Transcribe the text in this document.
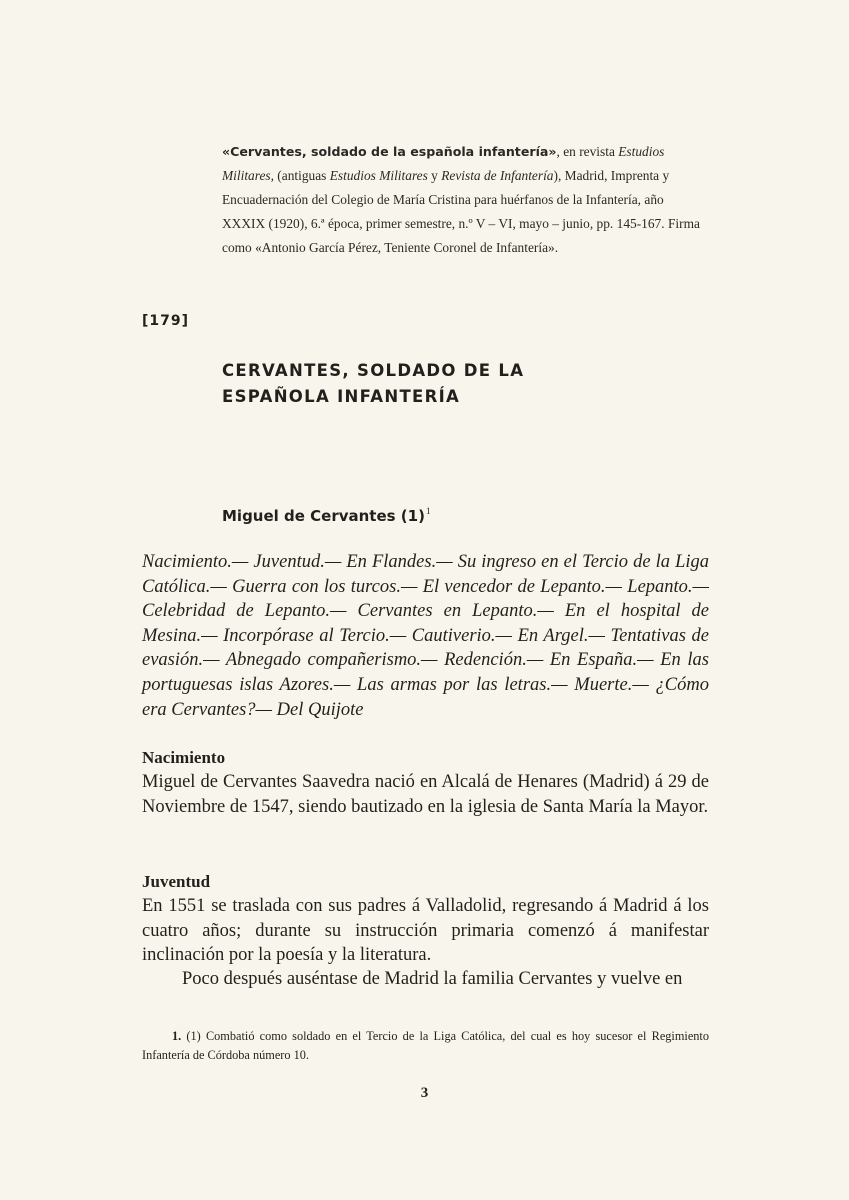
«Cervantes, soldado de la española infantería», en revista Estudios Militares, (antiguas Estudios Militares y Revista de Infantería), Madrid, Imprenta y Encuadernación del Colegio de María Cristina para huérfanos de la Infantería, año XXXIX (1920), 6.ª época, primer semestre, n.º V – VI, mayo – junio, pp. 145-167. Firma como «Antonio García Pérez, Teniente Coronel de Infantería».

[179]
CERVANTES, SOLDADO DE LA
ESPAÑOLA INFANTERÍA
Miguel de Cervantes $(1)^1$

Nacimiento.— Juventud.— En Flandes.— Su ingreso en el Tercio de la Liga Católica.— Guerra con los turcos.— El vencedor de Lepanto.— Lepanto.— Celebridad de Lepanto.— Cervantes en Lepanto.— En el hospital de Mesina.— Incorpórase al Tercio.— Cautiverio.— En Argel.— Tentativas de evasión.— Abnegado compañerismo.— Redención.— En España.— En las portuguesas islas Azores.— Las armas por las letras.— Muerte.— ¿Cómo era Cervantes?— Del Quijote

Nacimiento

Miguel de Cervantes Saavedra nació en Alcalá de Henares (Madrid) á 29 de Noviembre de 1547, siendo bautizado en la iglesia de Santa María la Mayor.

Juventud

En 1551 se traslada con sus padres á Valladolid, regresando á Madrid á los cuatro años; durante su instrucción primaria comenzó á manifestar inclinación por la poesía y la literatura.

Poco después auséntase de Madrid la familia Cervantes y vuelve en

1. (1) Combatió como soldado en el Tercio de la Liga Católica, del cual es hoy sucesor el Regimiento Infantería de Córdoba número 10.

3
